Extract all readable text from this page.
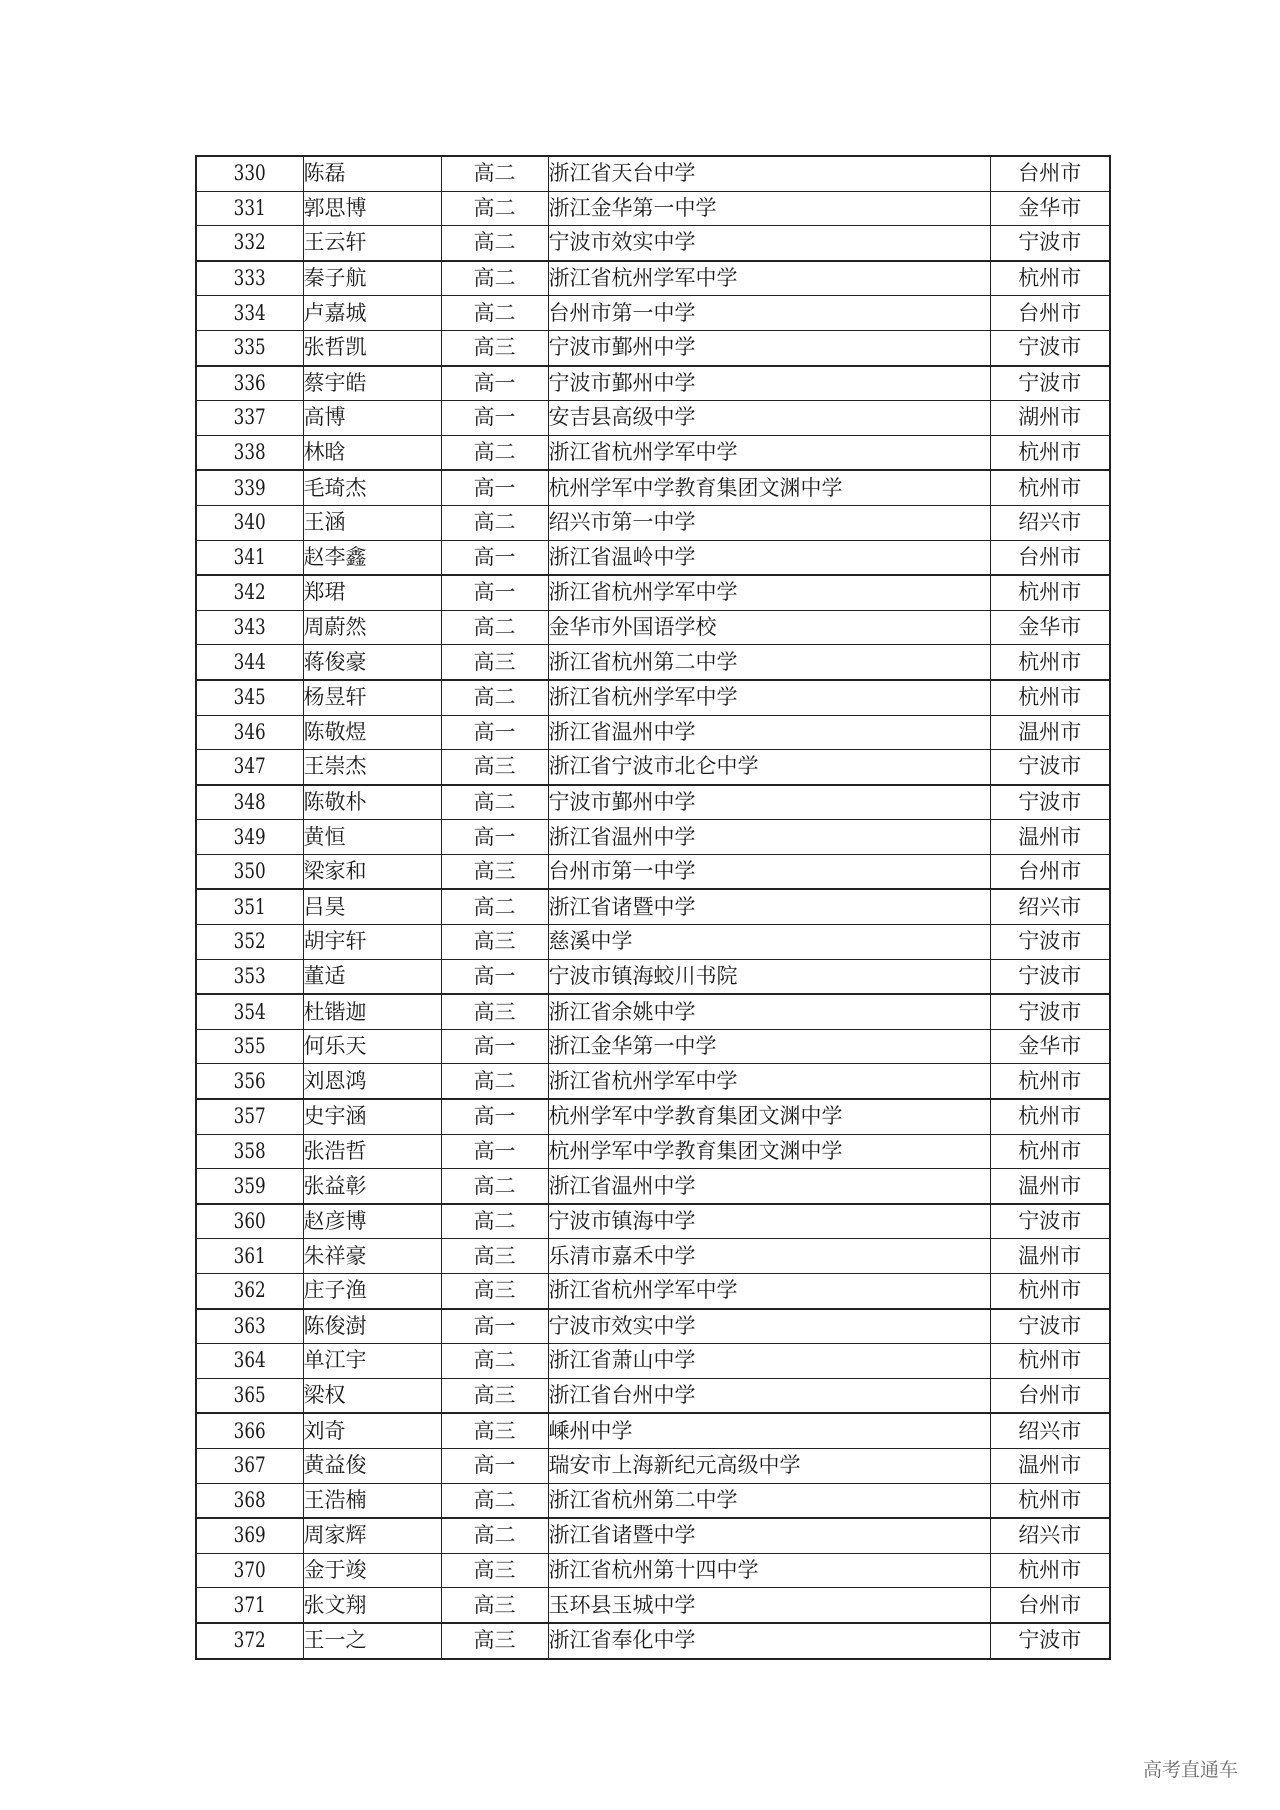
330	陈磊	高二	浙江省天台中学	台州市
331	郭思博	高二	浙江金华第一中学	金华市
332	王云轩	高二	宁波市效实中学	宁波市
333	秦子航	高二	浙江省杭州学军中学	杭州市
334	卢嘉城	高二	台州市第一中学	台州市
335	张哲凯	高三	宁波市鄞州中学	宁波市
336	蔡宇皓	高一	宁波市鄞州中学	宁波市
337	高博	高一	安吉县高级中学	湖州市
338	林晗	高二	浙江省杭州学军中学	杭州市
339	毛琦杰	高一	杭州学军中学教育集团文渊中学	杭州市
340	王涵	高二	绍兴市第一中学	绍兴市
341	赵李鑫	高一	浙江省温岭中学	台州市
342	郑珺	高一	浙江省杭州学军中学	杭州市
343	周蔚然	高二	金华市外国语学校	金华市
344	蒋俊豪	高三	浙江省杭州第二中学	杭州市
345	杨昱轩	高二	浙江省杭州学军中学	杭州市
346	陈敬煜	高一	浙江省温州中学	温州市
347	王崇杰	高三	浙江省宁波市北仑中学	宁波市
348	陈敬朴	高二	宁波市鄞州中学	宁波市
349	黄恒	高一	浙江省温州中学	温州市
350	梁家和	高三	台州市第一中学	台州市
351	吕昊	高二	浙江省诸暨中学	绍兴市
352	胡宇轩	高三	慈溪中学	宁波市
353	董适	高一	宁波市镇海蛟川书院	宁波市
354	杜锴迦	高三	浙江省余姚中学	宁波市
355	何乐天	高一	浙江金华第一中学	金华市
356	刘恩鸿	高二	浙江省杭州学军中学	杭州市
357	史宇涵	高一	杭州学军中学教育集团文渊中学	杭州市
358	张浩哲	高一	杭州学军中学教育集团文渊中学	杭州市
359	张益彰	高二	浙江省温州中学	温州市
360	赵彦博	高二	宁波市镇海中学	宁波市
361	朱祥豪	高三	乐清市嘉禾中学	温州市
362	庄子渔	高三	浙江省杭州学军中学	杭州市
363	陈俊澍	高一	宁波市效实中学	宁波市
364	单江宇	高二	浙江省萧山中学	杭州市
365	梁权	高三	浙江省台州中学	台州市
366	刘奇	高三	嵊州中学	绍兴市
367	黄益俊	高一	瑞安市上海新纪元高级中学	温州市
368	王浩楠	高二	浙江省杭州第二中学	杭州市
369	周家辉	高二	浙江省诸暨中学	绍兴市
370	金于竣	高三	浙江省杭州第十四中学	杭州市
371	张文翔	高三	玉环县玉城中学	台州市
372	王一之	高三	浙江省奉化中学	宁波市
高考直通车
